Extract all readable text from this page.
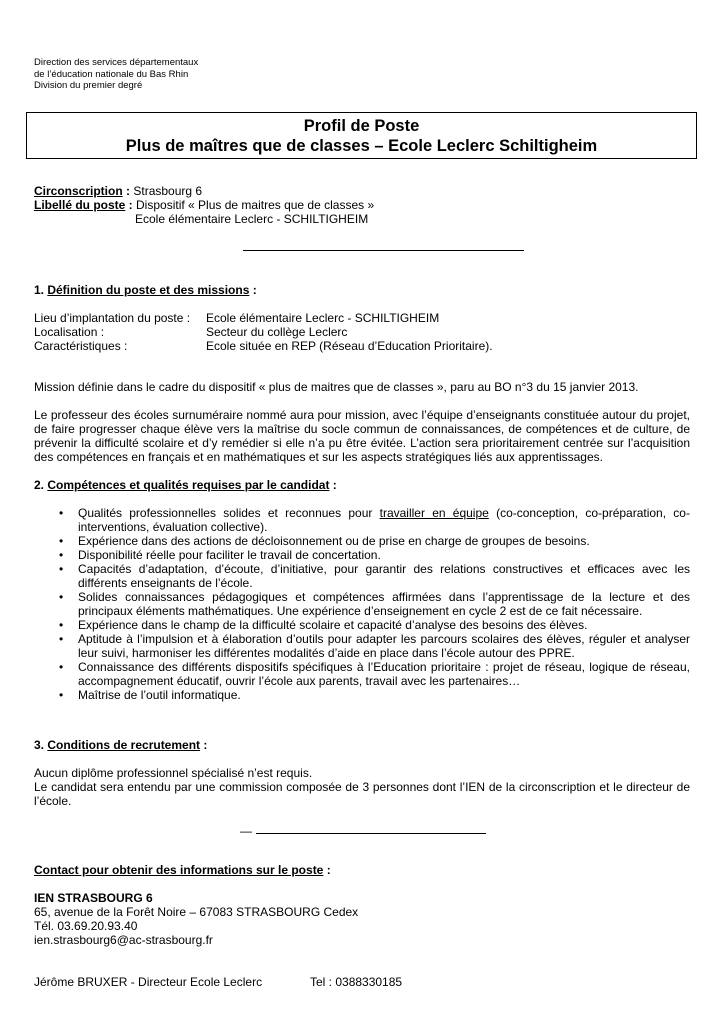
Direction des services départementaux
de l’éducation nationale du Bas Rhin
Division du premier degré
Profil de Poste
Plus de maîtres que de classes – Ecole Leclerc Schiltigheim
Circonscription : Strasbourg 6
Libellé du poste : Dispositif « Plus de maitres que de classes »
Ecole élémentaire Leclerc - SCHILTIGHEIM
1. Définition du poste et des missions :
Lieu d’implantation du poste : Ecole élémentaire Leclerc - SCHILTIGHEIM
Localisation :	Secteur du collège Leclerc
Caractéristiques :	Ecole située en REP (Réseau d’Education Prioritaire).
Mission définie dans le cadre du dispositif « plus de maitres que de classes », paru au BO n°3 du 15 janvier 2013.
Le professeur des écoles surnuméraire nommé aura pour mission, avec l’équipe d’enseignants constituée autour du projet, de faire progresser chaque élève vers la maîtrise du socle commun de connaissances, de compétences et de culture, de prévenir la difficulté scolaire et d’y remédier si elle n’a pu être évitée. L’action sera prioritairement centrée sur l’acquisition des compétences en français et en mathématiques et sur les aspects stratégiques liés aux apprentissages.
2. Compétences et qualités requises par le candidat :
• Qualités professionnelles solides et reconnues pour travailler en équipe (co-conception, co-préparation, co-interventions, évaluation collective).
• Expérience dans des actions de décloisonnement ou de prise en charge de groupes de besoins.
• Disponibilité réelle pour faciliter le travail de concertation.
• Capacités d’adaptation, d’écoute, d’initiative, pour garantir des relations constructives et efficaces avec les différents enseignants de l’école.
• Solides connaissances pédagogiques et compétences affirmées dans l’apprentissage de la lecture et des principaux éléments mathématiques. Une expérience d’enseignement en cycle 2 est de ce fait nécessaire.
• Expérience dans le champ de la difficulté scolaire et capacité d’analyse des besoins des élèves.
• Aptitude à l’impulsion et à élaboration d’outils pour adapter les parcours scolaires des élèves, réguler et analyser leur suivi, harmoniser les différentes modalités d’aide en place dans l’école autour des PPRE.
• Connaissance des différents dispositifs spécifiques à l’Education prioritaire : projet de réseau, logique de réseau, accompagnement éducatif, ouvrir l’école aux parents, travail avec les partenaires…
• Maîtrise de l’outil informatique.
3. Conditions de recrutement :
Aucun diplôme professionnel spécialisé n’est requis.
Le candidat sera entendu par une commission composée de 3 personnes dont l’IEN de la circonscription et le directeur de l’école.
—
Contact pour obtenir des informations sur le poste :
IEN STRASBOURG 6
65, avenue de la Forêt Noire – 67083 STRASBOURG Cedex
Tél. 03.69.20.93.40
ien.strasbourg6@ac-strasbourg.fr
Jérôme BRUXER - Directeur Ecole Leclerc	Tel : 0388330185
